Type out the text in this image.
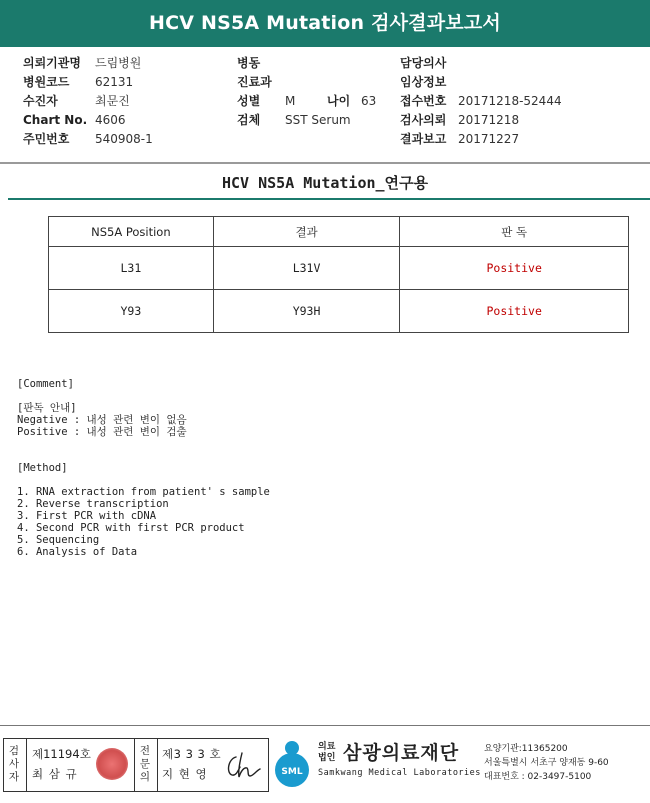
HCV NS5A Mutation 검사결과보고서
의뢰기관명 드림병원
병원코드 62131
수진자	최문진
Chart No. 4606
주민번호 540908-1
병동
진료과
성별 M	나이 63
검체 SST Serum
담당의사
임상정보
접수번호 20171218-52444
검사의뢰 20171218
결과보고 20171227
HCV NS5A Mutation_연구용
NS5A Position	결과	판 독
L31	L31V	Positive
Y93	Y93H	Positive
[Comment]
[판독 안내]
Negative : 내성 관련 변이 없음
Positive : 내성 관련 변이 검출
[Method]
1. RNA extraction from patient' s sample
2. Reverse transcription
3. First PCR with cDNA
4. Second PCR with first PCR product
5. Sequencing
6. Analysis of Data
검사자
제11194호
최 삼 규
전문의
제3 3 3 호
지 현 영	SML
의료법인 삼광의료재단
Samkwang Medical Laboratories
요양기관:11365200
서울특별시 서초구 양재동 9-60
대표번호 : 02-3497-5100
